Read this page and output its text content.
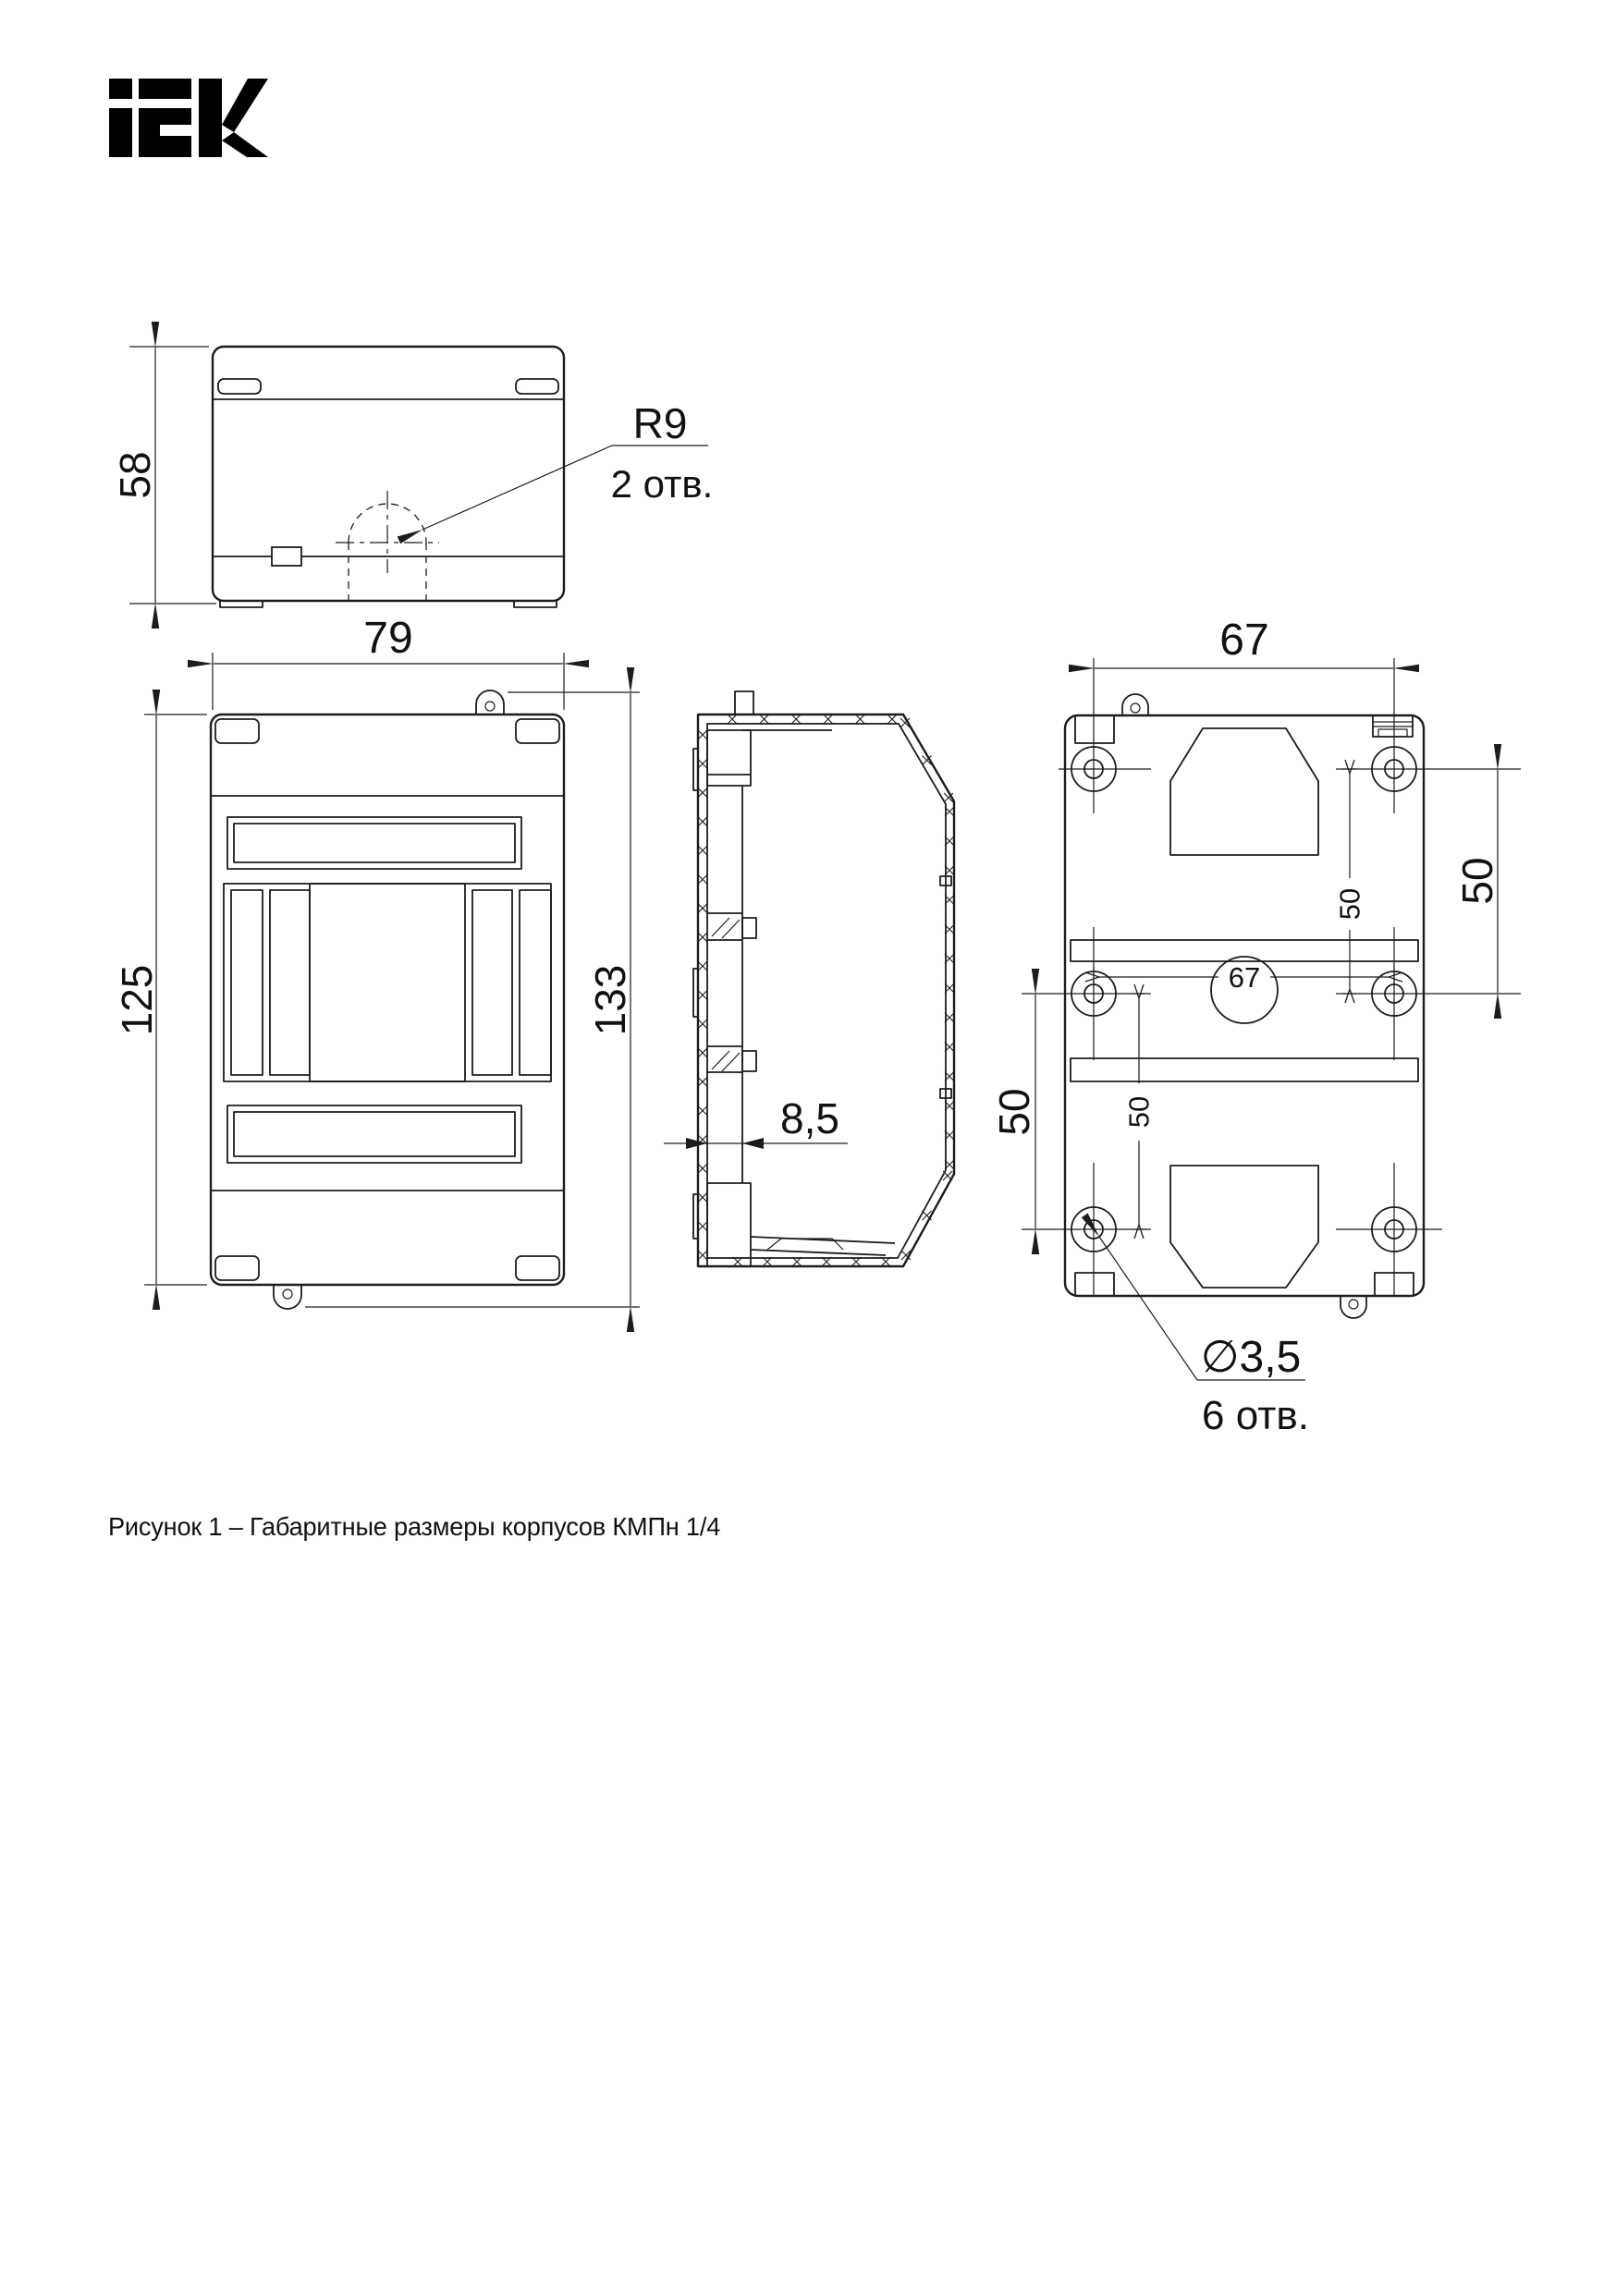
R9
2 отв.
58
79
125	133
8,5
67
50
50
67
50
50
∅3,5
6 отв.
Рисунок 1 – Габаритные размеры корпусов КМПн 1/4
